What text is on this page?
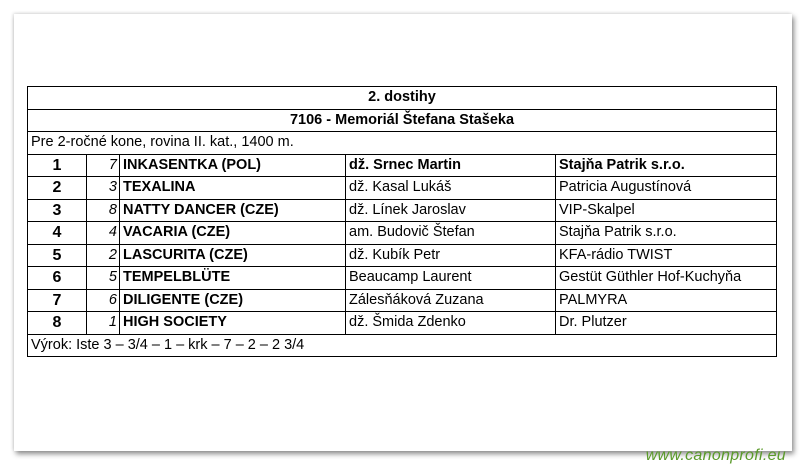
2. dostihy				
7106 - Memoriál Štefana Stašeka				
Pre 2-ročné kone, rovina II. kat., 1400 m.				
1	7	INKASENTKA (POL)	dž. Srnec Martin	Stajňa Patrik s.r.o.
2	3	TEXALINA	dž. Kasal Lukáš	Patricia Augustínová
3	8	NATTY DANCER (CZE)	dž. Línek Jaroslav	VIP-Skalpel
4	4	VACARIA (CZE)	am. Budovič Štefan	Stajňa Patrik s.r.o.
5	2	LASCURITA (CZE)	dž. Kubík Petr	KFA-rádio TWIST
6	5	TEMPELBLÜTE	Beaucamp Laurent	Gestüt Güthler Hof-Kuchyňa
7	6	DILIGENTE (CZE)	Zálesňáková Zuzana	PALMYRA
8	1	HIGH SOCIETY	dž. Šmida Zdenko	Dr. Plutzer
Výrok: Iste 3 – 3/4 – 1 – krk – 7 – 2 – 2 3/4				
www.canonprofi.eu
